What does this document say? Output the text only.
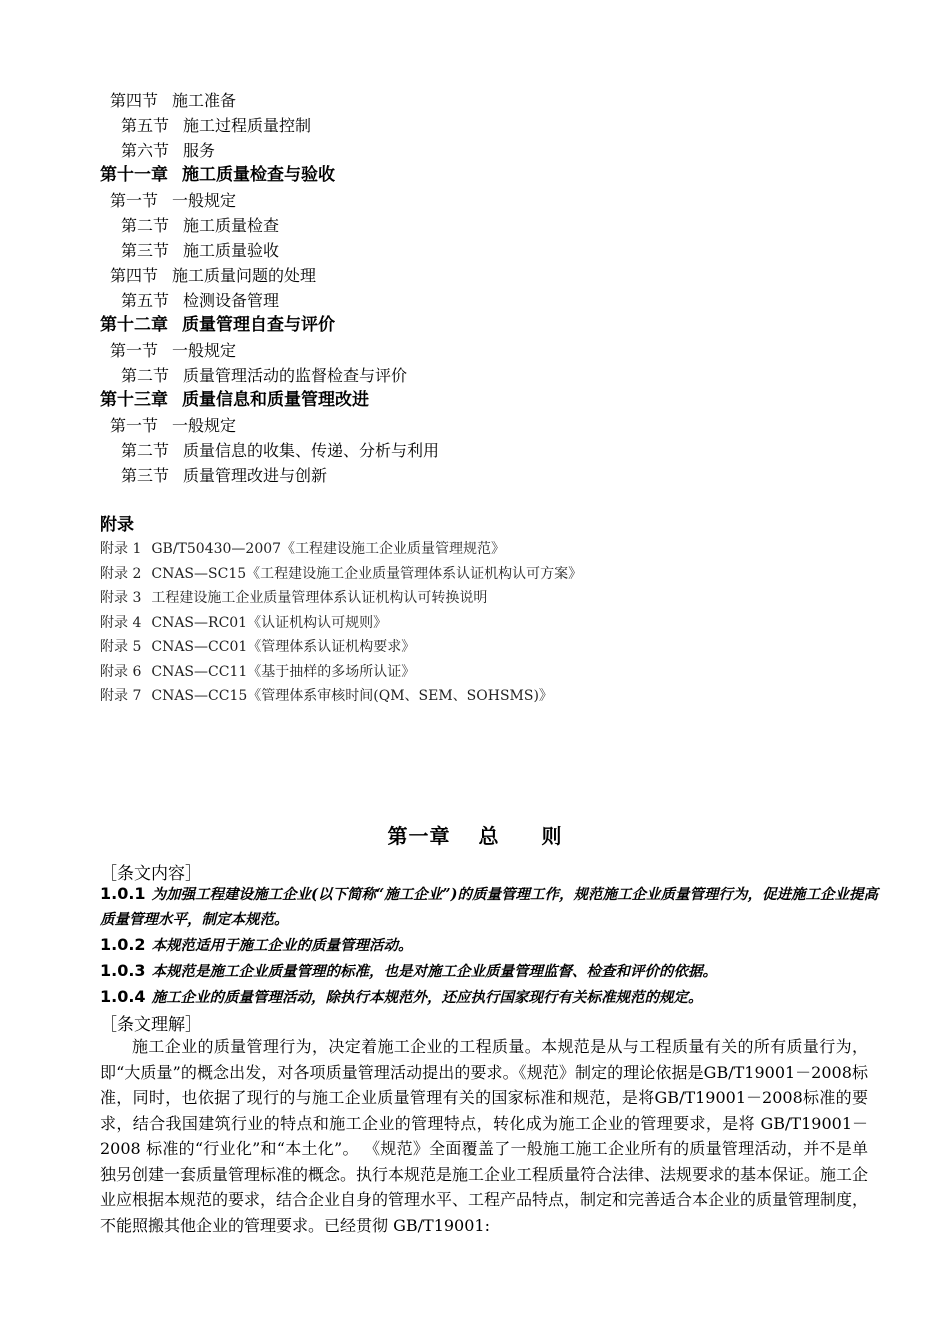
第四节 施工准备
第五节 施工过程质量控制
第六节 服务
第十一章 施工质量检查与验收
第一节 一般规定
第二节 施工质量检查
第三节 施工质量验收
第四节 施工质量问题的处理
第五节 检测设备管理
第十二章 质量管理自查与评价
第一节 一般规定
第二节 质量管理活动的监督检查与评价
第十三章 质量信息和质量管理改进
第一节 一般规定
第二节 质量信息的收集、传递、分析与利用
第三节 质量管理改进与创新
附录
附录 1 GB/T50430—2007《工程建设施工企业质量管理规范》
附录 2 CNAS—SC15《工程建设施工企业质量管理体系认证机构认可方案》
附录 3 工程建设施工企业质量管理体系认证机构认可转换说明
附录 4 CNAS—RC01《认证机构认可规则》
附录 5 CNAS—CC01《管理体系认证机构要求》
附录 6 CNAS—CC11《基于抽样的多场所认证》
附录 7 CNAS—CC15《管理体系审核时间(QM、SEM、SOHSMS)》
第一章 总 则
［条文内容］
1.0.1 为加强工程建设施工企业(以下简称“施工企业”)的质量管理工作，规范施工企业质量管理行为，促进施工企业提高质量管理水平，制定本规范。
1.0.2 本规范适用于施工企业的质量管理活动。
1.0.3 本规范是施工企业质量管理的标准，也是对施工企业质量管理监督、检查和评价的依据。
1.0.4 施工企业的质量管理活动，除执行本规范外，还应执行国家现行有关标准规范的规定。
［条文理解］
施工企业的质量管理行为，决定着施工企业的工程质量。本规范是从与工程质量有关的所有质量行为，即“大质量”的概念出发，对各项质量管理活动提出的要求。《规范》制定的理论依据是GB/T19001－2008标准，同时，也依据了现行的与施工企业质量管理有关的国家标准和规范，是将GB/T19001－2008标准的要求，结合我国建筑行业的特点和施工企业的管理特点，转化成为施工企业的管理要求，是将 GB/T19001－2008 标准的“行业化”和“本土化”。 《规范》全面覆盖了一般施工施工企业所有的质量管理活动，并不是单独另创建一套质量管理标准的概念。执行本规范是施工企业工程质量符合法律、法规要求的基本保证。施工企业应根据本规范的要求，结合企业自身的管理水平、工程产品特点，制定和完善适合本企业的质量管理制度，不能照搬其他企业的管理要求。已经贯彻 GB/T19001:
